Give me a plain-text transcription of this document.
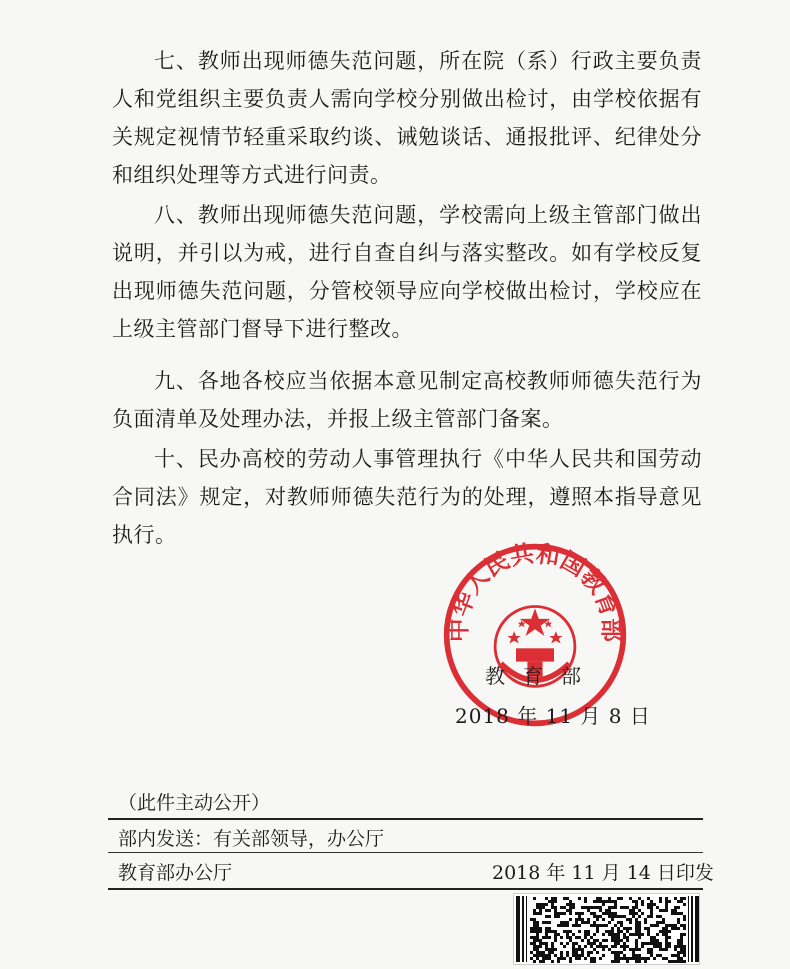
七、教师出现师德失范问题，所在院（系）行政主要负责人和党组织主要负责人需向学校分别做出检讨，由学校依据有关规定视情节轻重采取约谈、诫勉谈话、通报批评、纪律处分和组织处理等方式进行问责。

八、教师出现师德失范问题，学校需向上级主管部门做出说明，并引以为戒，进行自查自纠与落实整改。如有学校反复出现师德失范问题，分管校领导应向学校做出检讨，学校应在上级主管部门督导下进行整改。

九、各地各校应当依据本意见制定高校教师师德失范行为负面清单及处理办法，并报上级主管部门备案。

十、民办高校的劳动人事管理执行《中华人民共和国劳动合同法》规定，对教师师德失范行为的处理，遵照本指导意见执行。

中华人民共和国教育部
教育部
2018 年 11 月 8 日
（此件主动公开）
部内发送：有关部领导，办公厅
教育部办公厅	2018 年 11 月 14 日印发
